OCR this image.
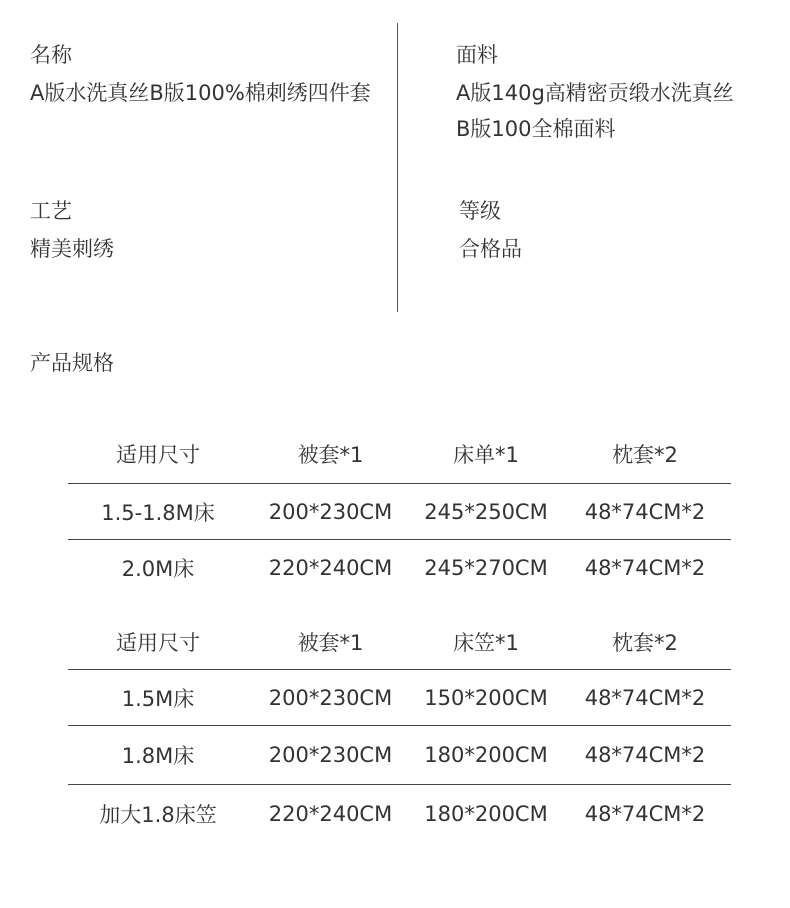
名称
A版水洗真丝B版100%棉刺绣四件套
面料
A版140g高精密贡缎水洗真丝
B版100全棉面料
工艺
精美刺绣
等级
合格品
产品规格
适用尺寸	被套*1	床单*1	枕套*2
1.5-1.8M床	200*230CM	245*250CM	48*74CM*2
2.0M床	220*240CM	245*270CM	48*74CM*2
适用尺寸	被套*1	床笠*1	枕套*2
1.5M床	200*230CM	150*200CM	48*74CM*2
1.8M床	200*230CM	180*200CM	48*74CM*2
加大1.8床笠	220*240CM	180*200CM	48*74CM*2
